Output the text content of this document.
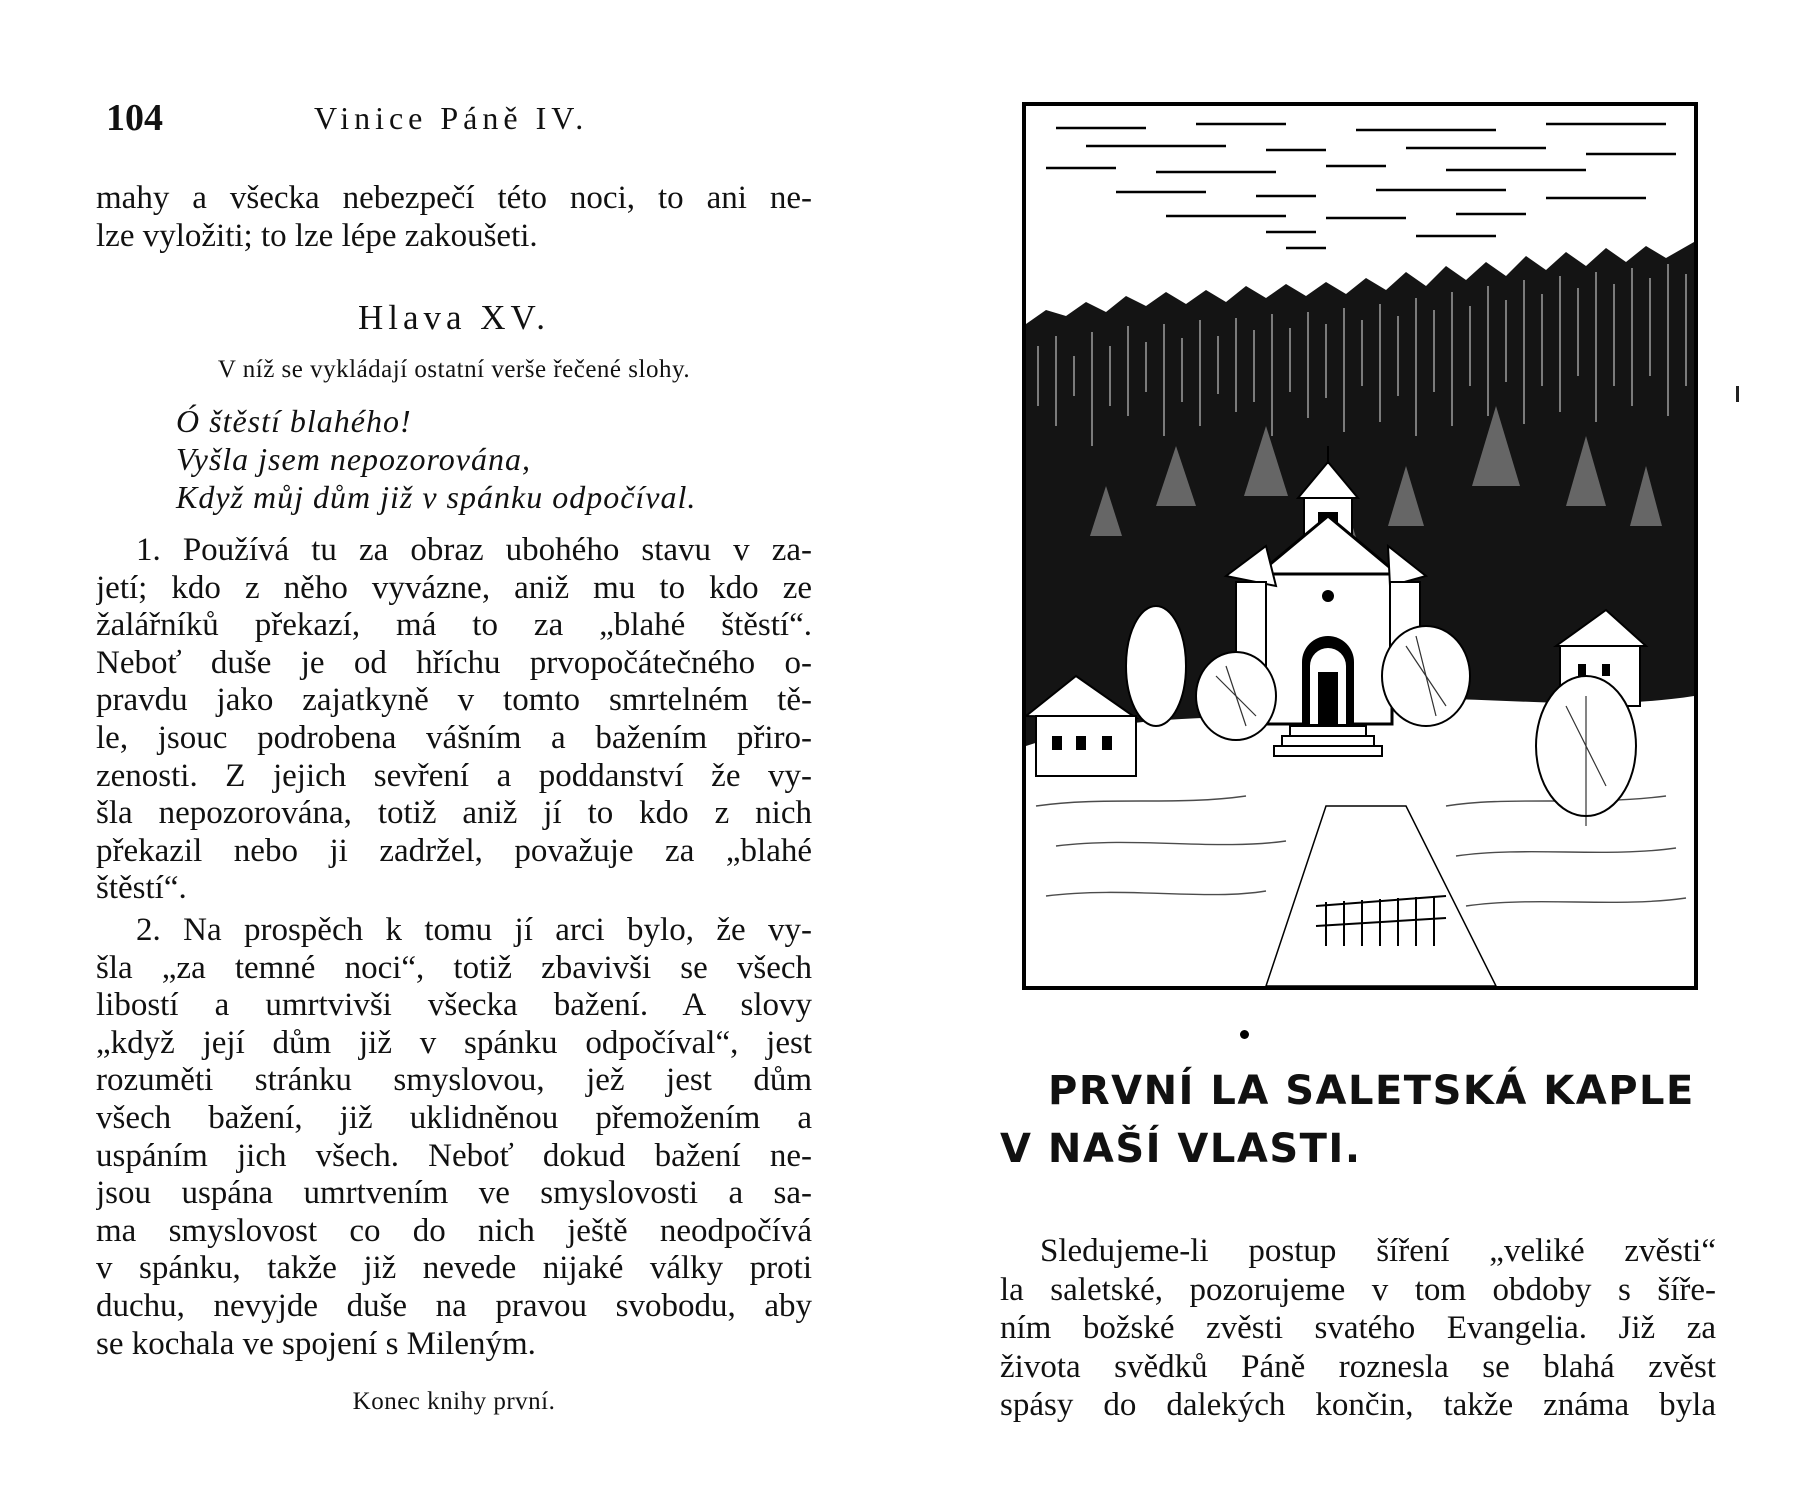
104	Vinice Páně IV.
mahy a všecka nebezpečí této noci, to ani ne-
lze vyložiti; to lze lépe zakoušeti.
Hlava XV.
V níž se vykládají ostatní verše řečené slohy.
Ó štěstí blahého!
Vyšla jsem nepozorována,
Když můj dům již v spánku odpočíval.
1. Používá tu za obraz ubohého stavu v za-
jetí; kdo z něho vyvázne, aniž mu to kdo ze
žalářníků překazí, má to za „blahé štěstí“.
Neboť duše je od hříchu prvopočátečného o-
pravdu jako zajatkyně v tomto smrtelném tě-
le, jsouc podrobena vášním a bažením přiro-
zenosti. Z jejich sevření a poddanství že vy-
šla nepozorována, totiž aniž jí to kdo z nich
překazil nebo ji zadržel, považuje za „blahé
štěstí“.
2. Na prospěch k tomu jí arci bylo, že vy-
šla „za temné noci“, totiž zbavivši se všech
libostí a umrtvivši všecka bažení. A slovy
„když její dům již v spánku odpočíval“, jest
rozuměti stránku smyslovou, jež jest dům
všech bažení, již uklidněnou přemožením a
uspáním jich všech. Neboť dokud bažení ne-
jsou uspána umrtvením ve smyslovosti a sa-
ma smyslovost co do nich ještě neodpočívá
v spánku, takže již nevede nijaké války proti
duchu, nevyjde duše na pravou svobodu, aby
se kochala ve spojení s Mileným.
Konec knihy první.
PRVNÍ LA SALETSKÁ KAPLE
V NAŠÍ VLASTI.
Sledujeme-li postup šíření „veliké zvěsti“
la saletské, pozorujeme v tom obdoby s šíře-
ním božské zvěsti svatého Evangelia. Již za
života svědků Páně roznesla se blahá zvěst
spásy do dalekých končin, takže známa byla
